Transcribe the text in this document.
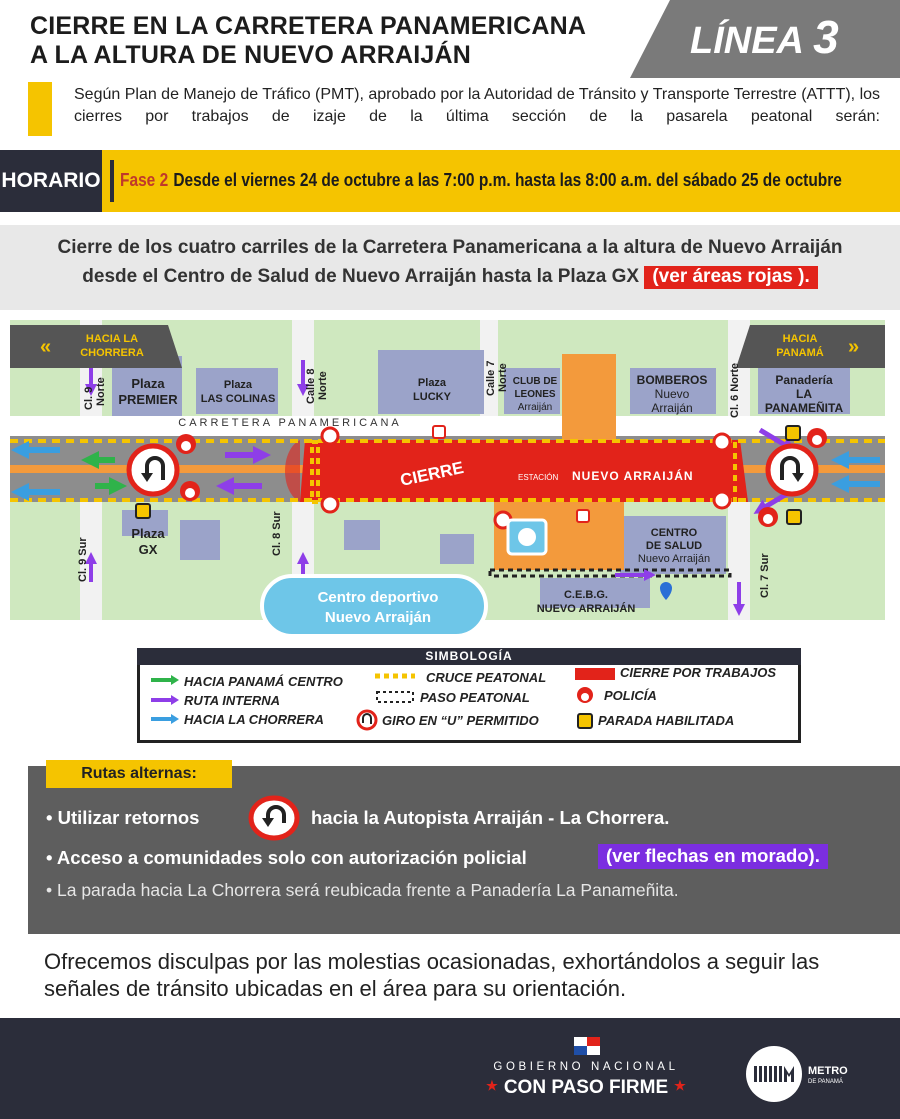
CIERRE EN LA CARRETERA PANAMERICANA
A LA ALTURA DE NUEVO ARRAIJÁN	LÍNEA 3
Según Plan de Manejo de Tráfico (PMT), aprobado por la Autoridad de Tránsito y Transporte Terrestre (ATTT), los cierres por trabajos de izaje de la última sección de la pasarela peatonal serán:
HORARIO Fase 2 Desde el viernes 24 de octubre a las 7:00 p.m. hasta las 8:00 a.m. del sábado 25 de octubre
Cierre de los cuatro carriles de la Carretera Panamericana a la altura de Nuevo Arraiján
desde el Centro de Salud de Nuevo Arraiján hasta la Plaza GX (ver áreas rojas ).
«	»
HACIA LA
CHORRERA
HACIA
PANAMÁ
Plaza
PREMIER
Plaza
LAS COLINAS
Plaza
LUCKY
CLUB DE
LEONES
Arraiján
BOMBEROS
Nuevo
Arraiján
Panadería
LA
PANAMEÑITA
CARRETERA PANAMERICANA
Plaza
GX
CENTRO
DE SALUD
Nuevo Arraiján
C.E.B.G.
NUEVO ARRAIJÁN
Centro deportivo
Nuevo Arraiján
CIERRE	ESTACIÓN NUEVO ARRAIJÁN
Cl. 9 Norte	Calle 8 Norte	Calle 7 Norte	Cl. 6 Norte
Cl. 9 Sur
Cl. 8 Sur
Cl. 7 Sur
SIMBOLOGÍA
HACIA PANAMÁ CENTRO
RUTA INTERNA
HACIA LA CHORRERA
CRUCE PEATONAL
PASO PEATONAL
GIRO EN “U” PERMITIDO
CIERRE POR TRABAJOS
POLICÍA
PARADA HABILITADA
Rutas alternas:
• Utilizar retornos	hacia la Autopista Arraiján - La Chorrera.
• Acceso a comunidades solo con autorización policial	(ver flechas en morado).
• La parada hacia La Chorrera será reubicada frente a Panadería La Panameñita.
Ofrecemos disculpas por las molestias ocasionadas, exhortándolos a seguir las señales de tránsito ubicadas en el área para su orientación.
GOBIERNO NACIONAL
★ CON PASO FIRME ★
METRO
DE PANAMÁ
